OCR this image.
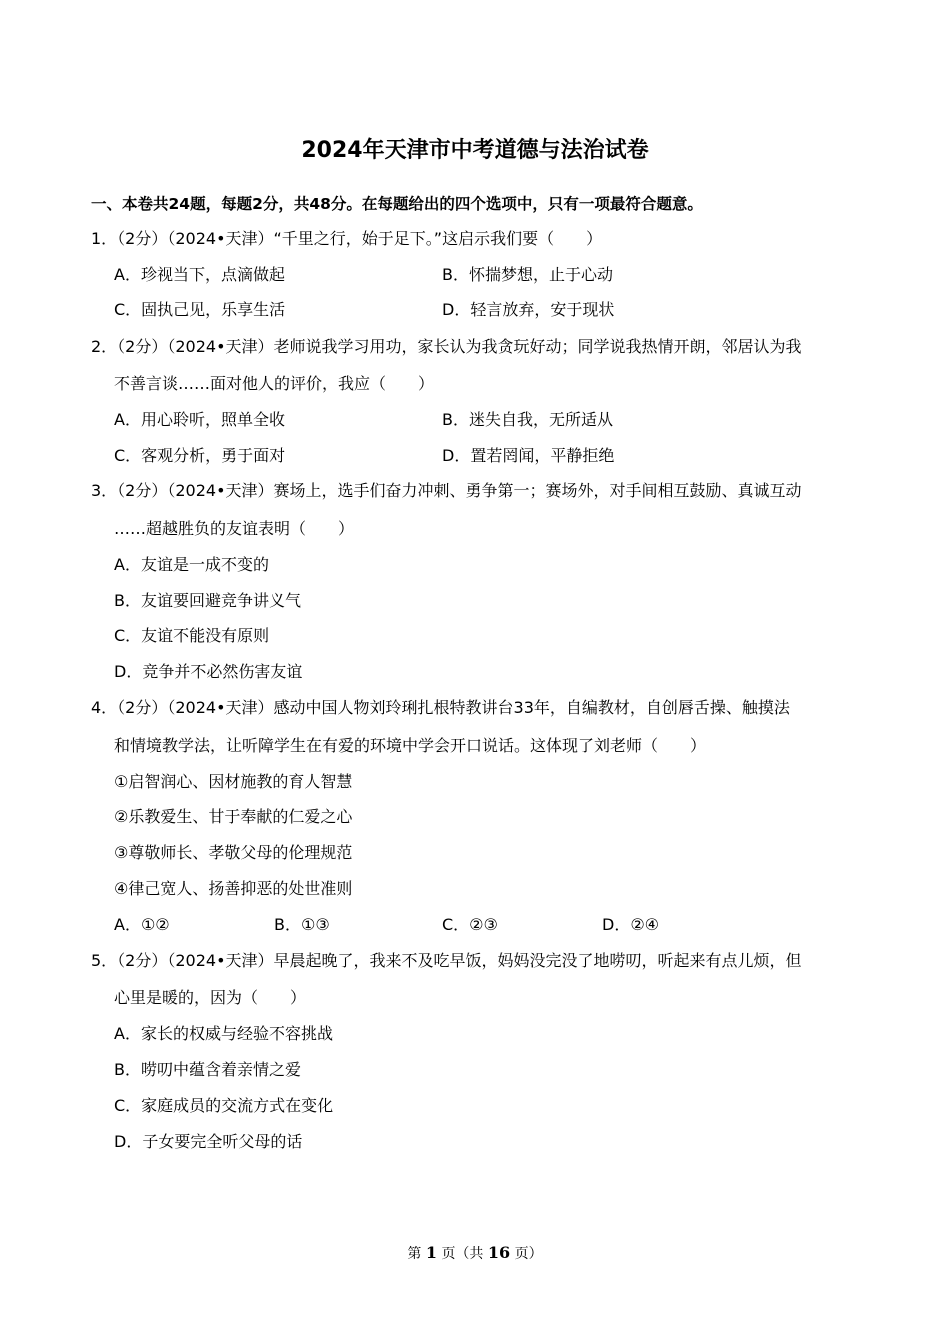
2024年天津市中考道德与法治试卷
一、本卷共24题，每题2分，共48分。在每题给出的四个选项中，只有一项最符合题意。
1．（2分）（2024•天津）“千里之行，始于足下。”这启示我们要（　　）
A．珍视当下，点滴做起	B．怀揣梦想，止于心动
C．固执己见，乐享生活	D．轻言放弃，安于现状
2．（2分）（2024•天津）老师说我学习用功，家长认为我贪玩好动；同学说我热情开朗，邻居认为我
不善言谈……面对他人的评价，我应（　　）
A．用心聆听，照单全收	B．迷失自我，无所适从
C．客观分析，勇于面对	D．置若罔闻，平静拒绝
3．（2分）（2024•天津）赛场上，选手们奋力冲刺、勇争第一；赛场外，对手间相互鼓励、真诚互动
……超越胜负的友谊表明（　　）
A．友谊是一成不变的
B．友谊要回避竞争讲义气
C．友谊不能没有原则
D．竞争并不必然伤害友谊
4．（2分）（2024•天津）感动中国人物刘玲琍扎根特教讲台33年，自编教材，自创唇舌操、触摸法
和情境教学法，让听障学生在有爱的环境中学会开口说话。这体现了刘老师（　　）
①启智润心、因材施教的育人智慧
②乐教爱生、甘于奉献的仁爱之心
③尊敬师长、孝敬父母的伦理规范
④律己宽人、扬善抑恶的处世准则
A．①②	B．①③	C．②③	D．②④
5．（2分）（2024•天津）早晨起晚了，我来不及吃早饭，妈妈没完没了地唠叨，听起来有点儿烦，但
心里是暖的，因为（　　）
A．家长的权威与经验不容挑战
B．唠叨中蕴含着亲情之爱
C．家庭成员的交流方式在变化
D．子女要完全听父母的话
第 1 页（共 16 页）
